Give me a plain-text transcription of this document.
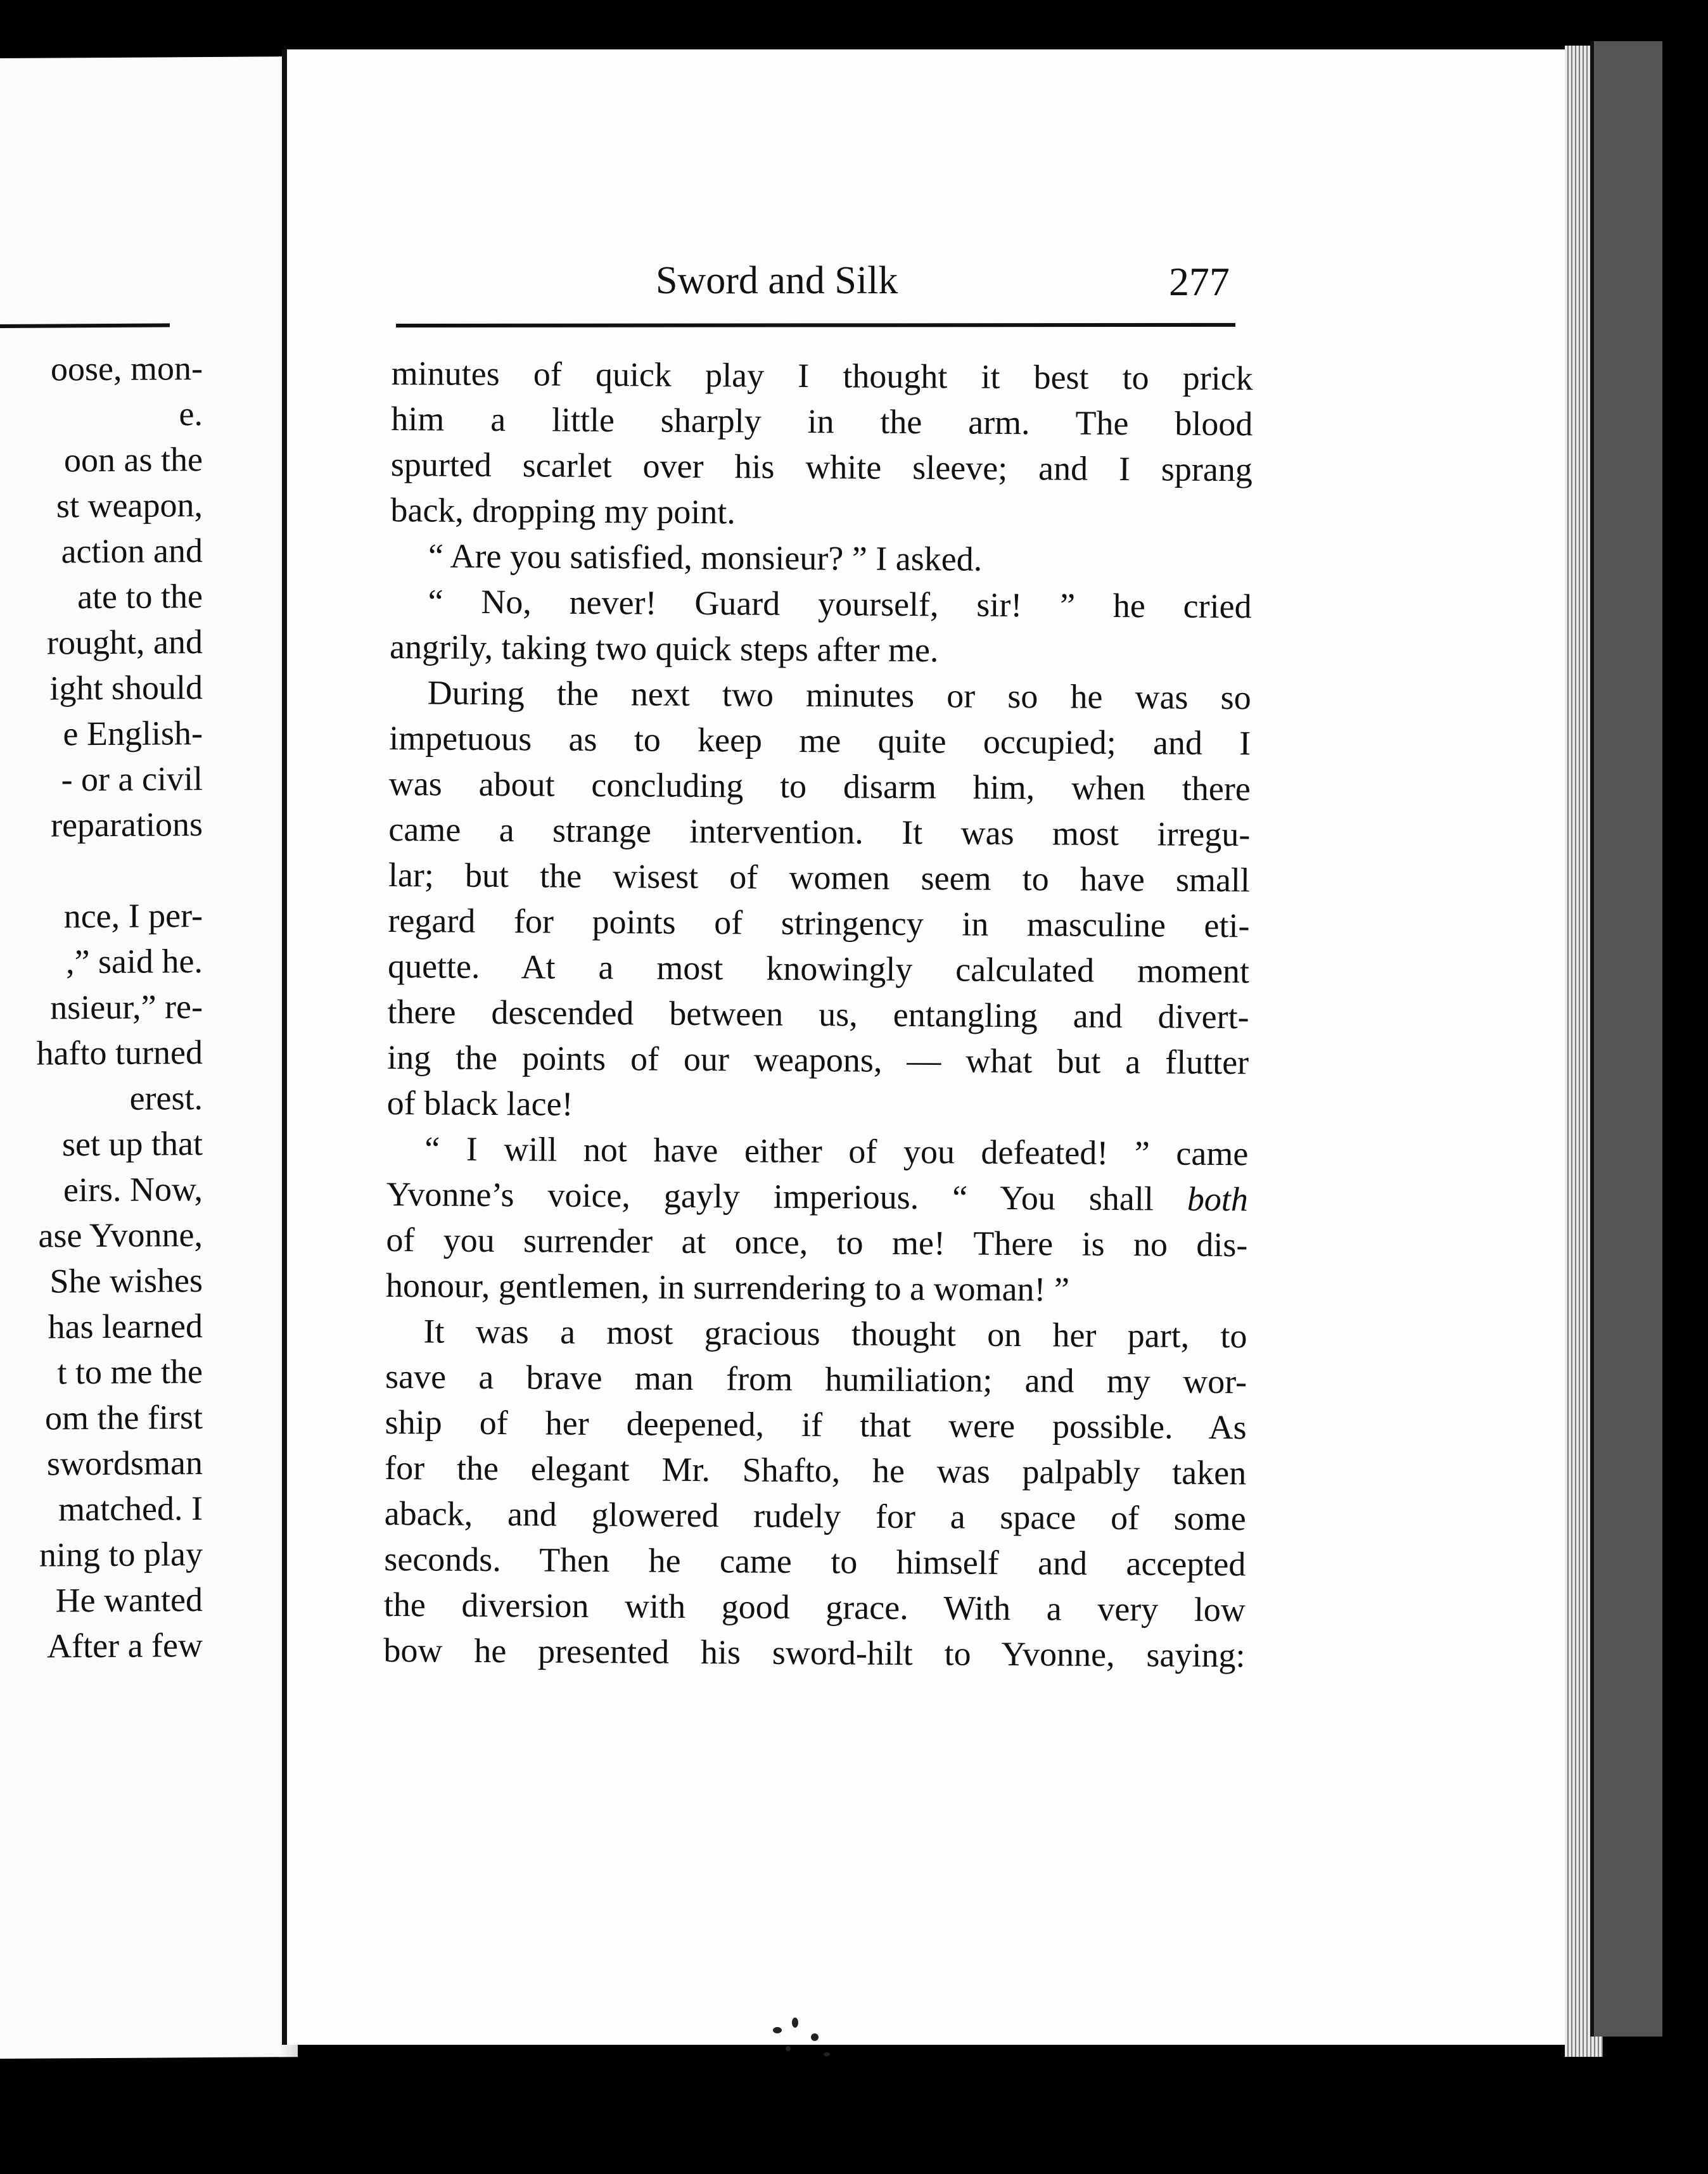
oose, mon-
e.
oon as the
st weapon,
action and
ate to the
rought, and
ight should
e English-
- or a civil
reparations
nce, I per-
,” said he.
nsieur,” re-
hafto turned
erest.
set up that
eirs. Now,
ase Yvonne,
She wishes
has learned
t to me the
om the first
swordsman
matched. I
ning to play
He wanted
After a few
Sword and Silk	277
minutes of quick play I thought it best to prick
him a little sharply in the arm. The blood
spurted scarlet over his white sleeve; and I sprang
back, dropping my point.
“ Are you satisfied, monsieur? ” I asked.
“ No, never! Guard yourself, sir! ” he cried
angrily, taking two quick steps after me.
During the next two minutes or so he was so
impetuous as to keep me quite occupied; and I
was about concluding to disarm him, when there
came a strange intervention. It was most irregu-
lar; but the wisest of women seem to have small
regard for points of stringency in masculine eti-
quette. At a most knowingly calculated moment
there descended between us, entangling and divert-
ing the points of our weapons, — what but a flutter
of black lace!
“ I will not have either of you defeated! ” came
Yvonne’s voice, gayly imperious. “ You shall both
of you surrender at once, to me! There is no dis-
honour, gentlemen, in surrendering to a woman! ”
It was a most gracious thought on her part, to
save a brave man from humiliation; and my wor-
ship of her deepened, if that were possible. As
for the elegant Mr. Shafto, he was palpably taken
aback, and glowered rudely for a space of some
seconds. Then he came to himself and accepted
the diversion with good grace. With a very low
bow he presented his sword-hilt to Yvonne, saying:
